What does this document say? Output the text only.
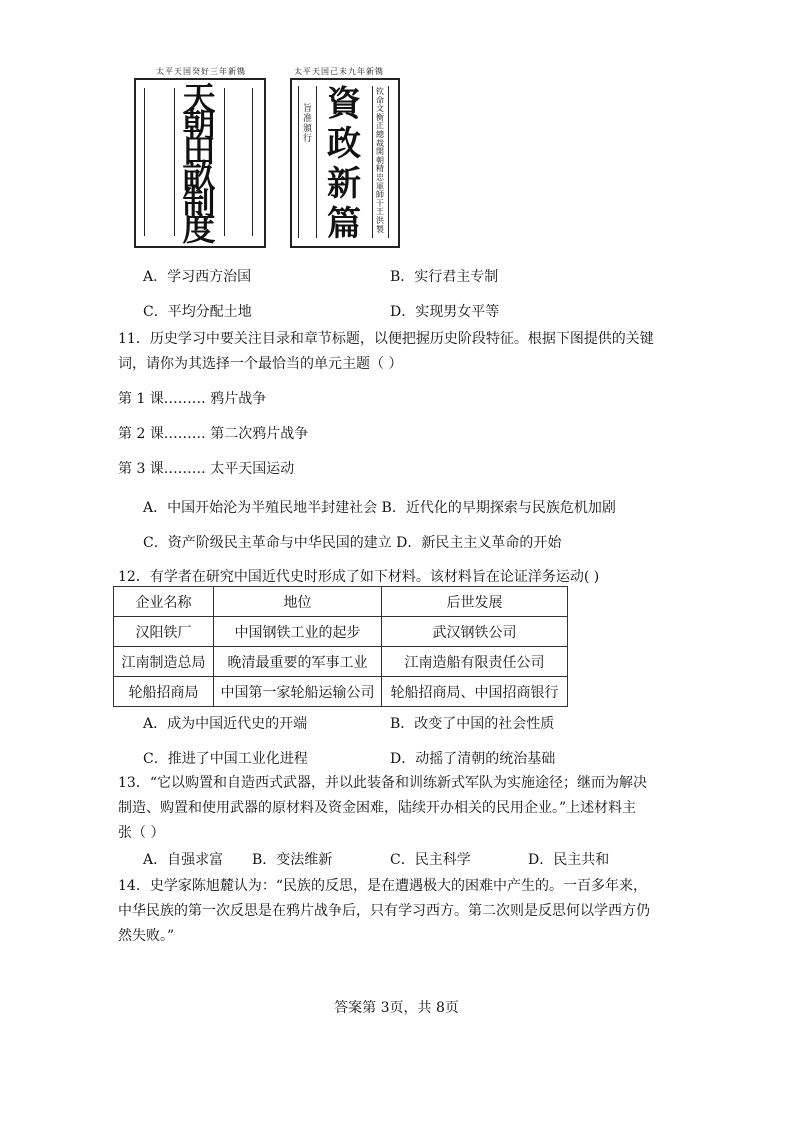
天朝田畝制度
太平天国癸好三年新镌
旨准頒行
資政新篇
钦命文衡正總裁開朝精忠軍師干王洪 製
太平天国己未九年新镌
A．学习西方治国	B．实行君主专制
C．平均分配土地	D．实现男女平等
11．历史学习中要关注目录和章节标题，以便把握历史阶段特征。根据下图提供的关键
词，请你为其选择一个最恰当的单元主题（ ）
第 1 课……… 鸦片战争
第 2 课……… 第二次鸦片战争
第 3 课……… 太平天国运动
A．中国开始沦为半殖民地半封建社会 B．近代化的早期探索与民族危机加剧
C．资产阶级民主革命与中华民国的建立 D．新民主主义革命的开始
12．有学者在研究中国近代史时形成了如下材料。该材料旨在论证洋务运动( )
企业名称	地位	后世发展
汉阳铁厂	中国钢铁工业的起步	武汉钢铁公司
江南制造总局	晚清最重要的军事工业	江南造船有限责任公司
轮船招商局	中国第一家轮船运输公司	轮船招商局、中国招商银行
A．成为中国近代史的开端	B．改变了中国的社会性质
C．推进了中国工业化进程	D．动摇了清朝的统治基础
13．“它以购置和自造西式武器，并以此装备和训练新式军队为实施途径；继而为解决
制造、购置和使用武器的原材料及资金困难，陆续开办相关的民用企业。”上述材料主
张（ ）
A．自强求富 B．变法维新	C．民主科学	D．民主共和
14．史学家陈旭麓认为：“民族的反思，是在遭遇极大的困难中产生的。一百多年来，
中华民族的第一次反思是在鸦片战争后，只有学习西方。第二次则是反思何以学西方仍
然失败。”
答案第 3页，共 8页
